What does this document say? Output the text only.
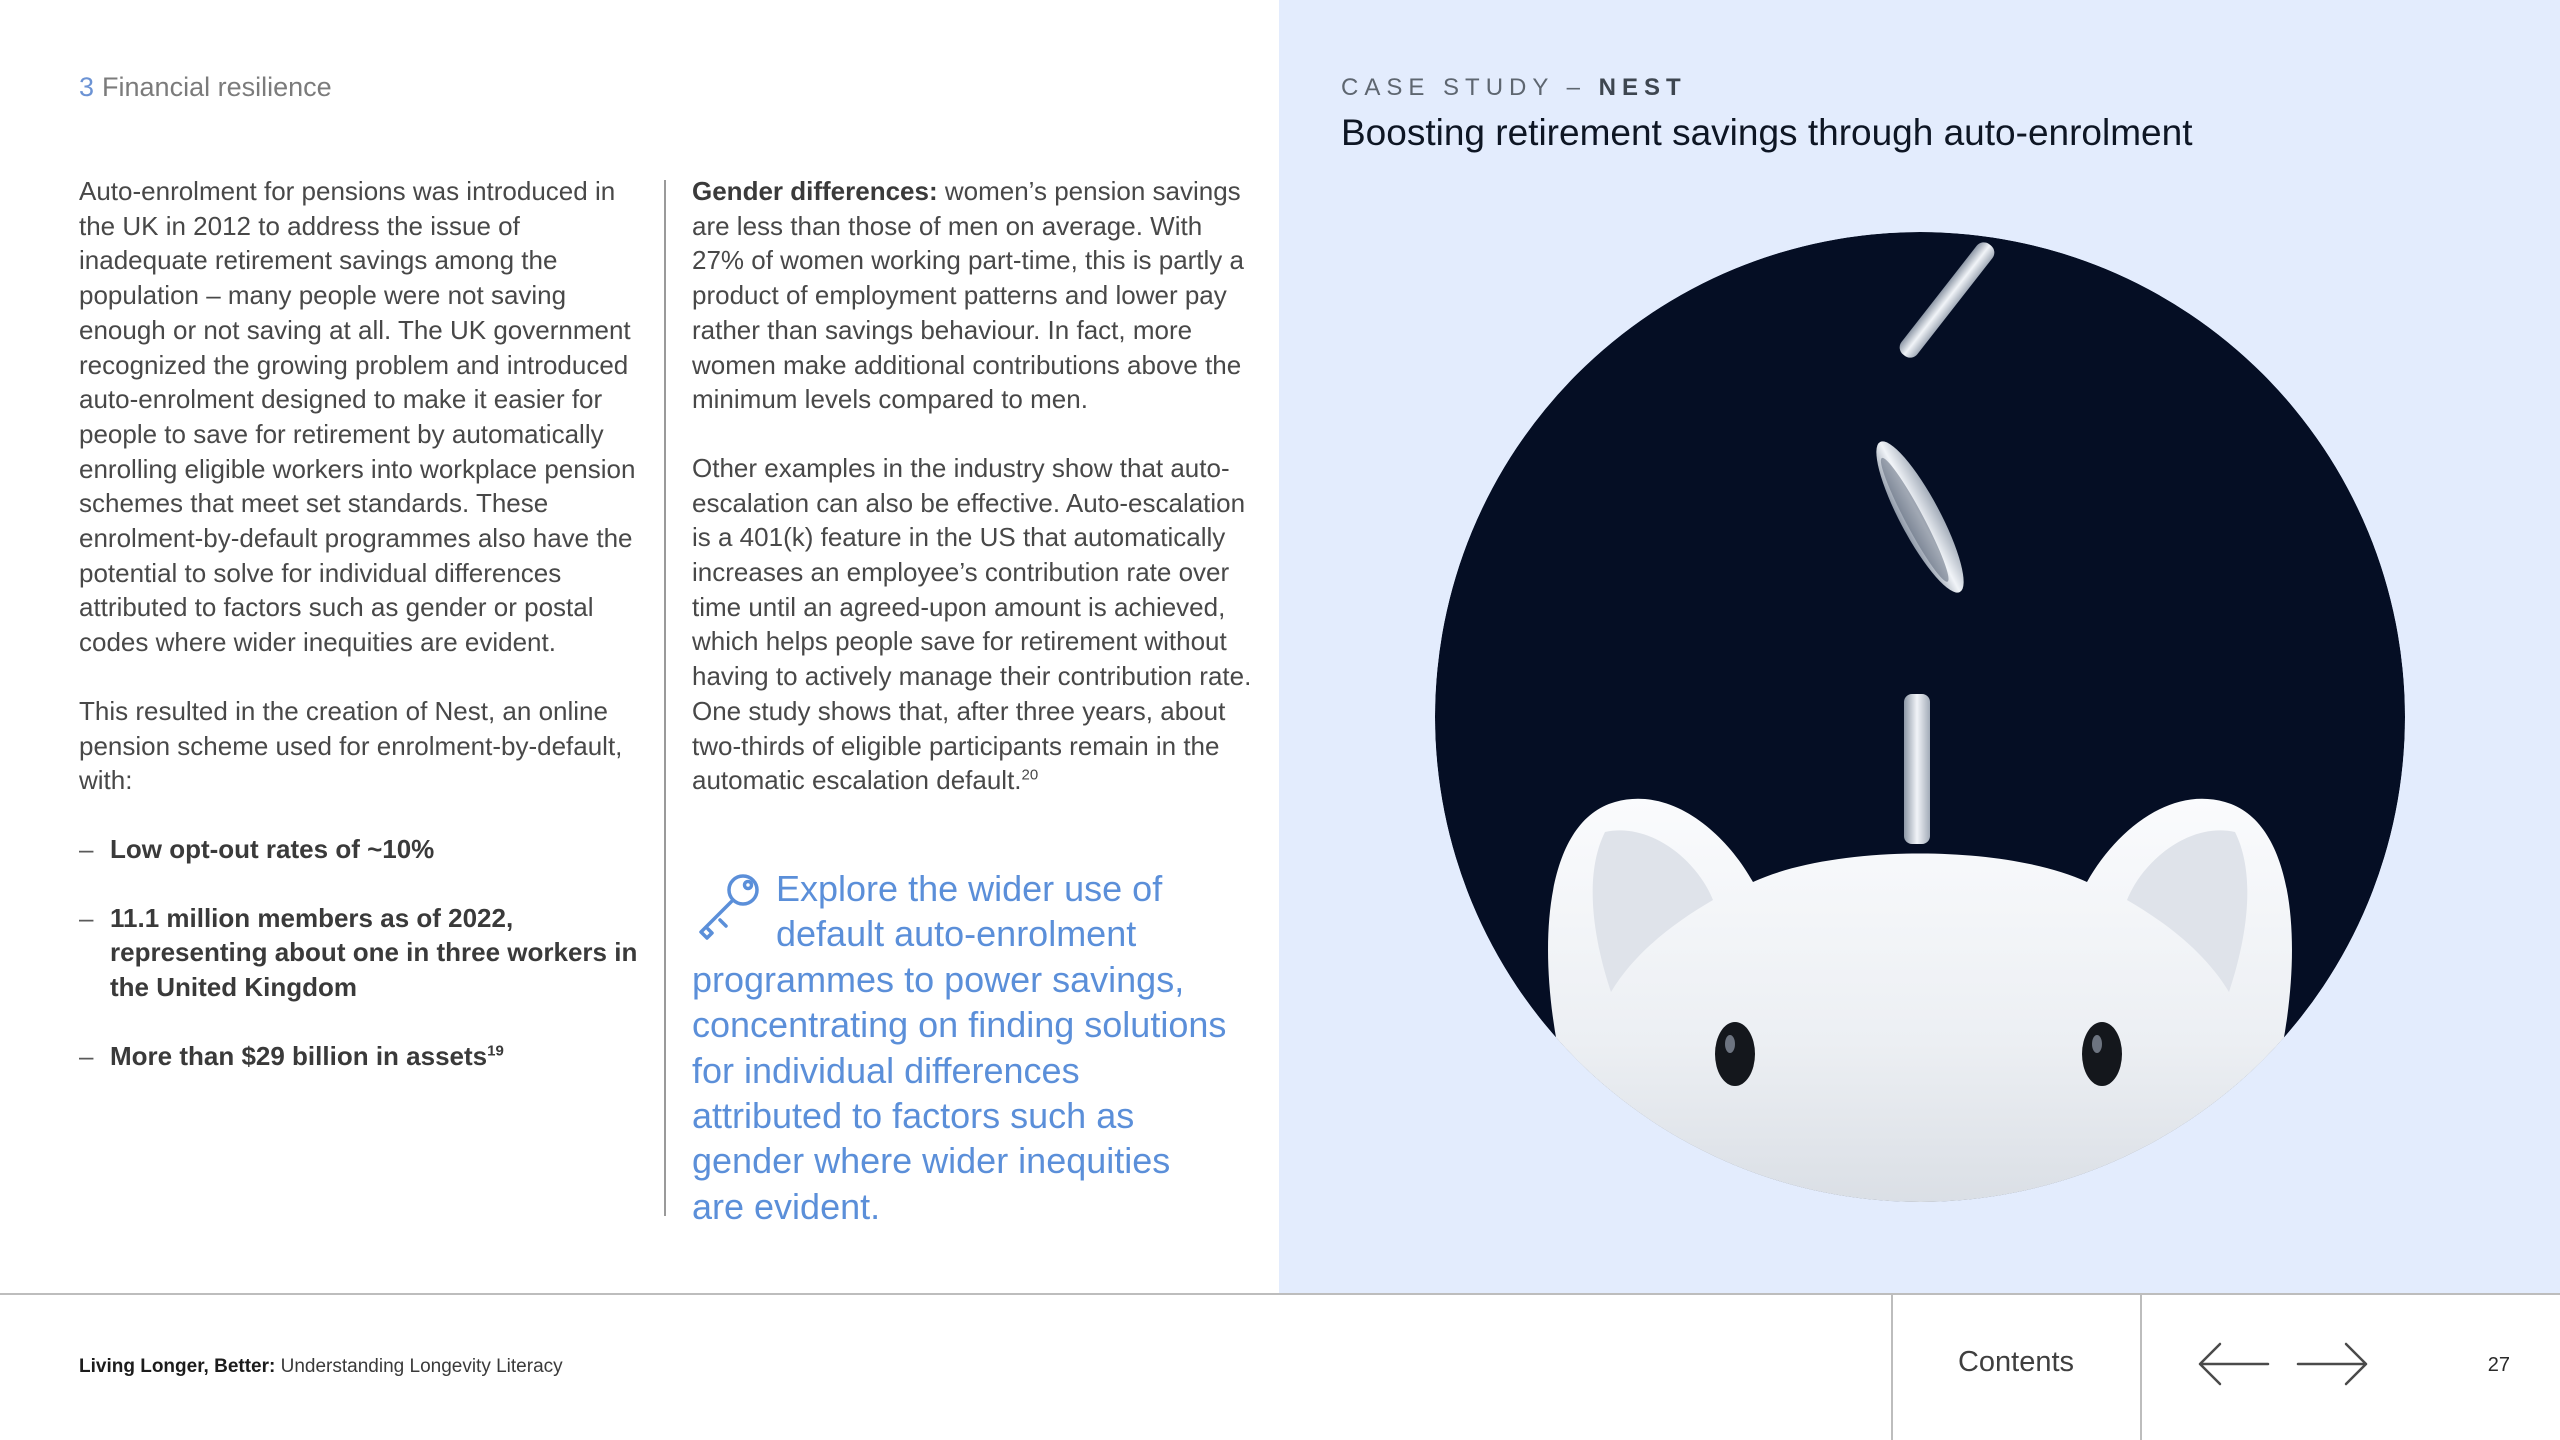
3 Financial resilience

Auto-enrolment for pensions was introduced in the UK in 2012 to address the issue of inadequate retirement savings among the population – many people were not saving enough or not saving at all. The UK government recognized the growing problem and introduced auto-enrolment designed to make it easier for people to save for retirement by automatically enrolling eligible workers into workplace pension schemes that meet set standards. These enrolment-by-default programmes also have the potential to solve for individual differences attributed to factors such as gender or postal codes where wider inequities are evident.

This resulted in the creation of Nest, an online pension scheme used for enrolment-by-default, with:

– Low opt-out rates of ~10%
– 11.1 million members as of 2022, representing about one in three workers in the United Kingdom
– More than $29 billion in assets$^{19}$

Gender differences: women’s pension savings are less than those of men on average. With 27% of women working part-time, this is partly a product of employment patterns and lower pay rather than savings behaviour. In fact, more women make additional contributions above the minimum levels compared to men.

Other examples in the industry show that auto-escalation can also be effective. Auto-escalation is a 401(k) feature in the US that automatically increases an employee’s contribution rate over time until an agreed-upon amount is achieved, which helps people save for retirement without having to actively manage their contribution rate. One study shows that, after three years, about two-thirds of eligible participants remain in the automatic escalation default.$^{20}$

Explore the wider use of default auto-enrolment programmes to power savings, concentrating on finding solutions for individual differences attributed to factors such as gender where wider inequities are evident.
CASE STUDY – NEST
Boosting retirement savings through auto-enrolment
Living Longer, Better: Understanding Longevity Literacy	Contents	27
